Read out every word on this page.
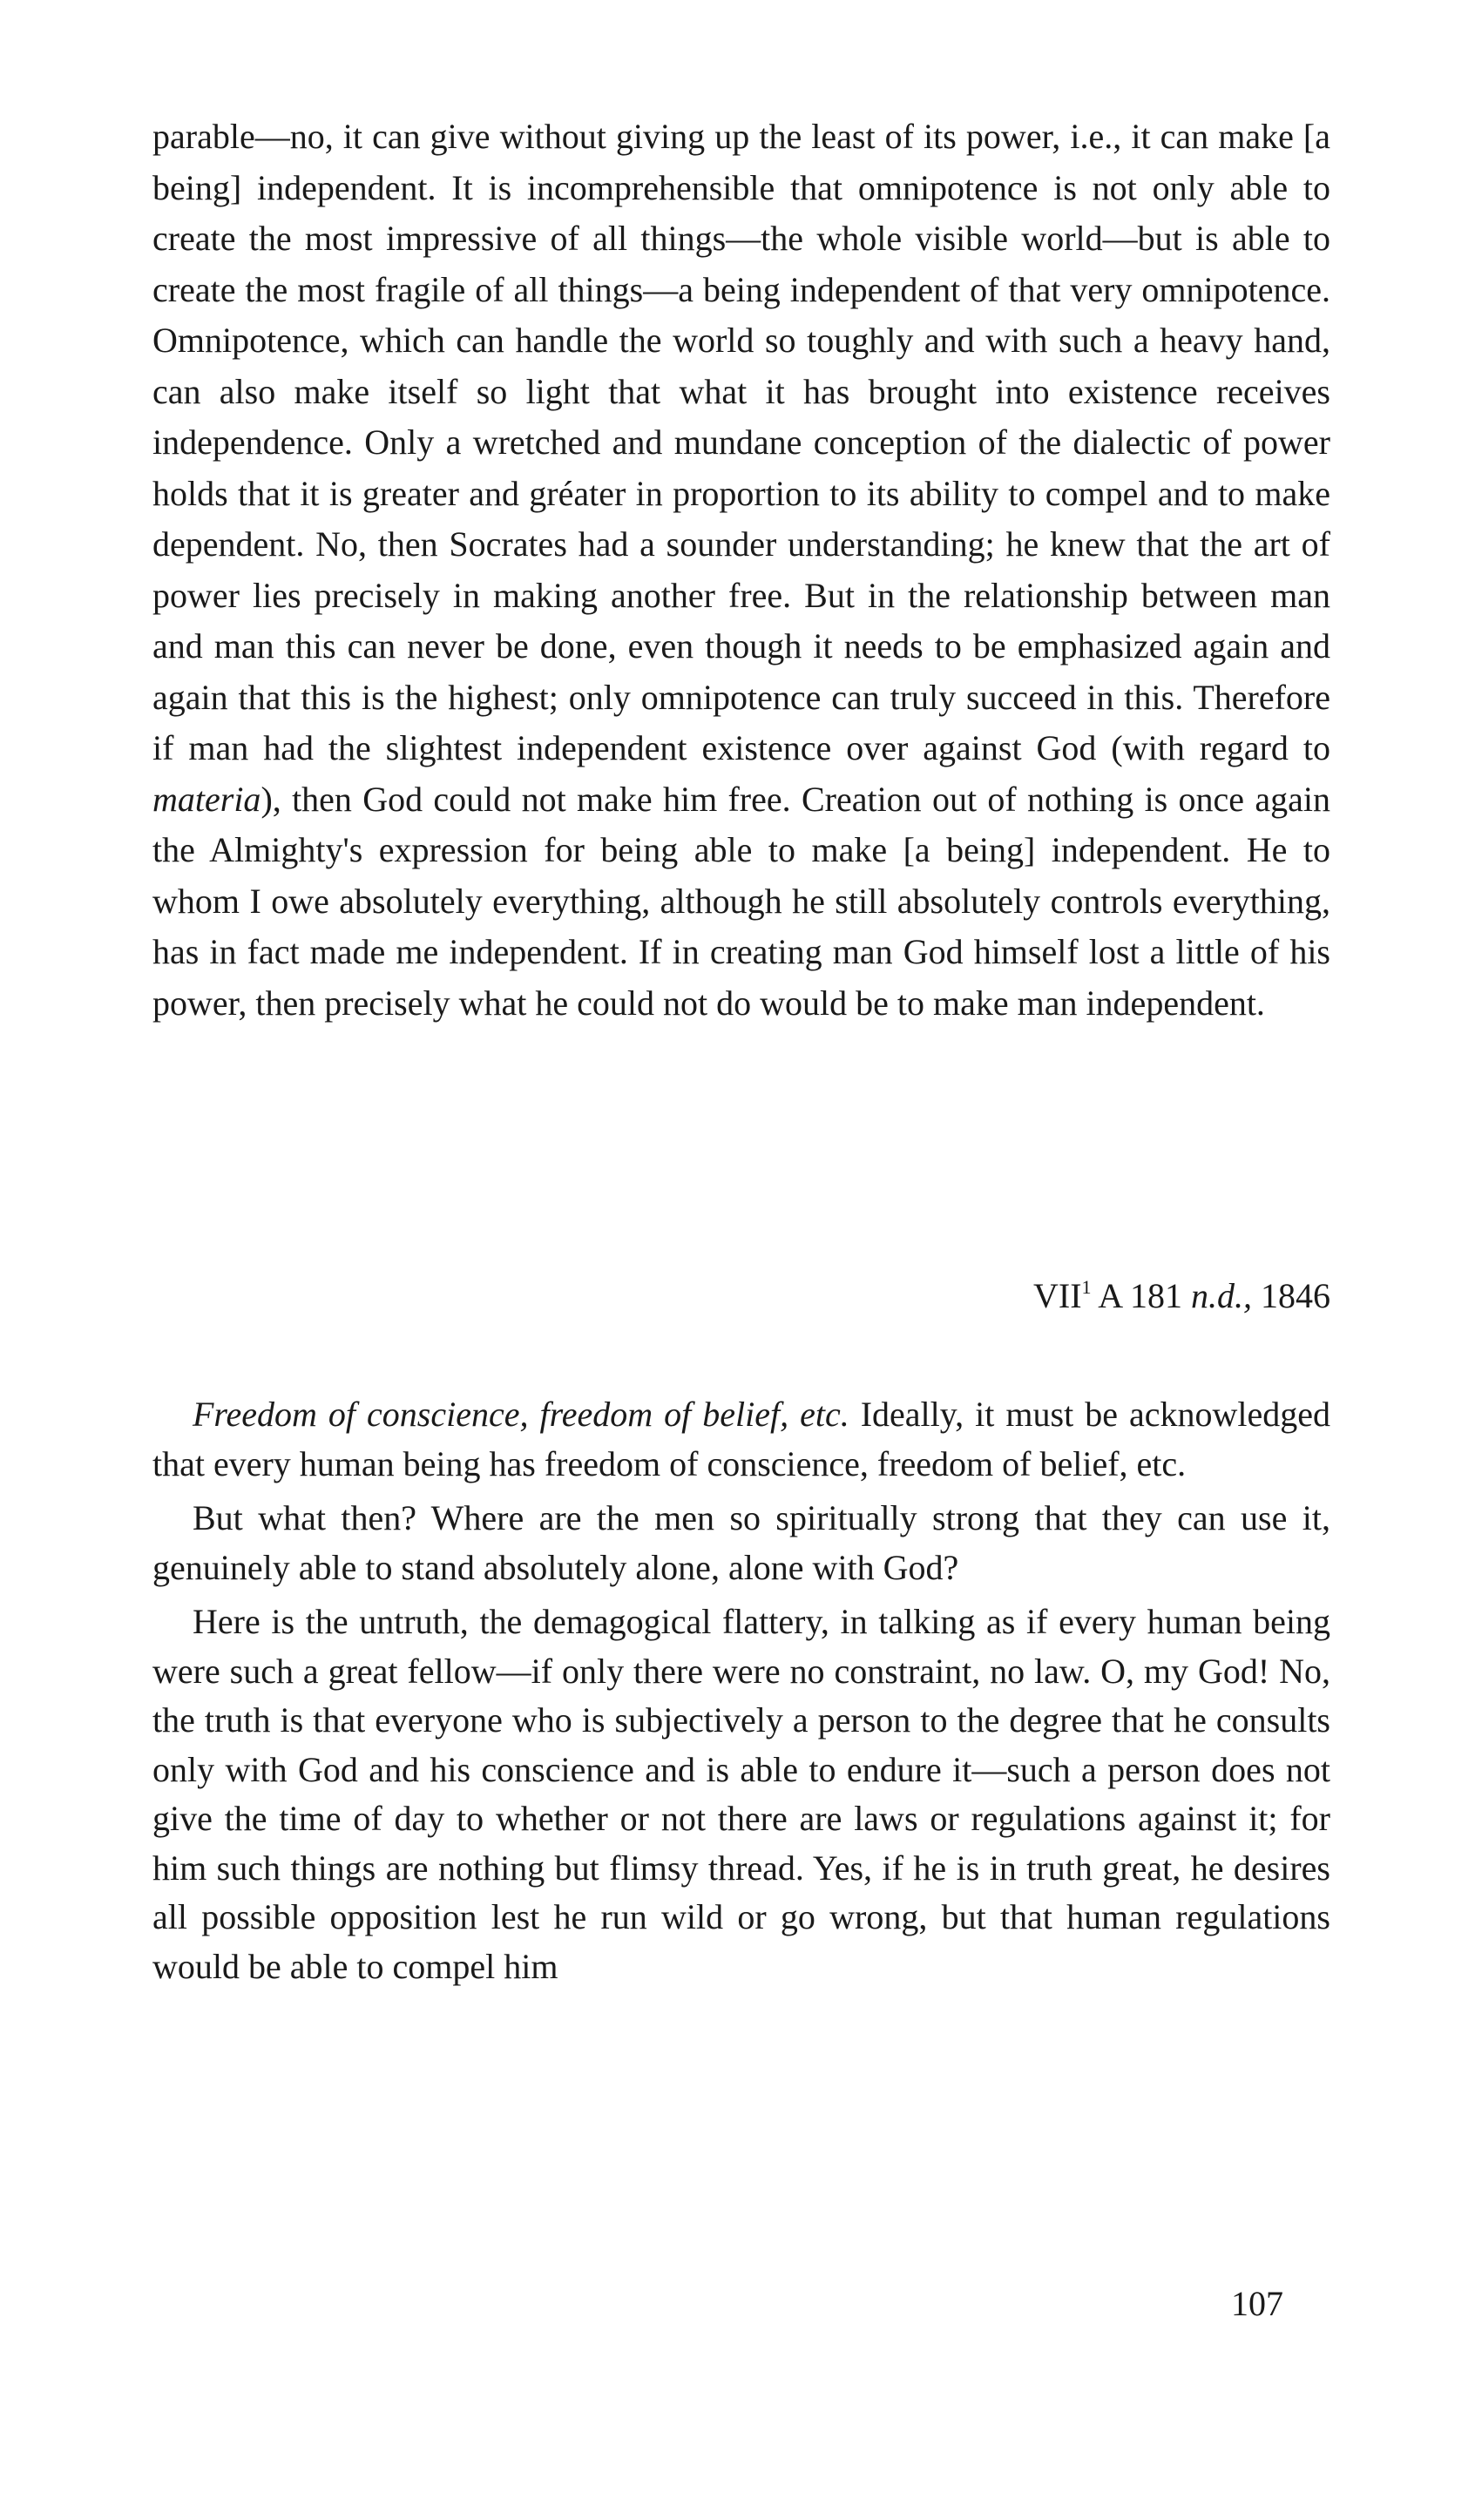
parable—no, it can give without giving up the least of its power, i.e., it can make [a being] independent. It is incomprehensible that omnipotence is not only able to create the most impressive of all things—the whole visible world—but is able to create the most fragile of all things—a being independent of that very omnipotence. Omnipotence, which can handle the world so toughly and with such a heavy hand, can also make itself so light that what it has brought into existence receives independence. Only a wretched and mundane conception of the dialectic of power holds that it is greater and gréater in proportion to its ability to compel and to make dependent. No, then Socrates had a sounder understanding; he knew that the art of power lies precisely in making another free. But in the relationship between man and man this can never be done, even though it needs to be emphasized again and again that this is the highest; only omnipotence can truly succeed in this. Therefore if man had the slightest independent existence over against God (with regard to materia), then God could not make him free. Creation out of nothing is once again the Almighty's expression for being able to make [a being] independent. He to whom I owe absolutely everything, although he still absolutely controls everything, has in fact made me independent. If in creating man God himself lost a little of his power, then precisely what he could not do would be to make man independent.

VII$^1$ A 181 n.d., 1846

Freedom of conscience, freedom of belief, etc. Ideally, it must be acknowledged that every human being has freedom of conscience, freedom of belief, etc.

But what then? Where are the men so spiritually strong that they can use it, genuinely able to stand absolutely alone, alone with God?

Here is the untruth, the demagogical flattery, in talking as if every human being were such a great fellow—if only there were no constraint, no law. O, my God! No, the truth is that everyone who is subjectively a person to the degree that he consults only with God and his conscience and is able to endure it—such a person does not give the time of day to whether or not there are laws or regulations against it; for him such things are nothing but flimsy thread. Yes, if he is in truth great, he desires all possible opposition lest he run wild or go wrong, but that human regulations would be able to compel him

107
